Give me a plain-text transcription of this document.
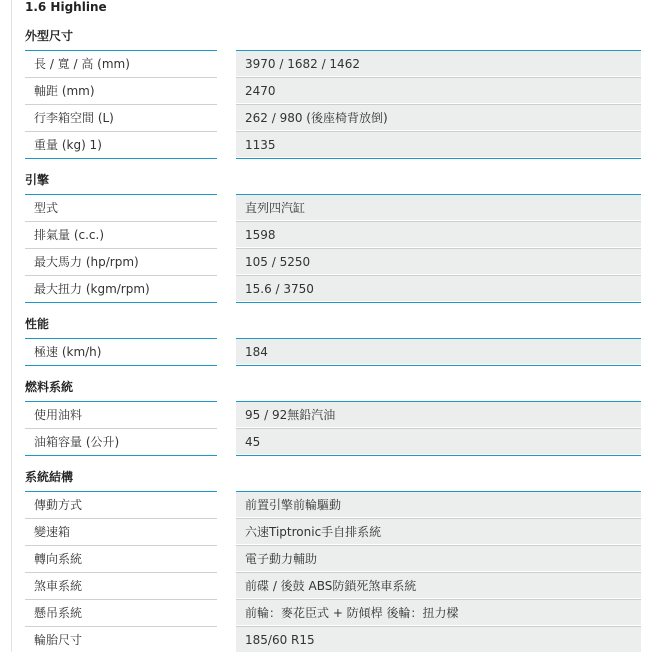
1.6 Highline
外型尺寸
長 / 寬 / 高 (mm)	3970 / 1682 / 1462
軸距 (mm)	2470
行李箱空間 (L)	262 / 980 (後座椅背放倒)
重量 (kg) 1)	1135
引擎
型式	直列四汽缸
排氣量 (c.c.)	1598
最大馬力 (hp/rpm)	105 / 5250
最大扭力 (kgm/rpm)	15.6 / 3750
性能
極速 (km/h)	184
燃料系統
使用油料	95 / 92無鉛汽油
油箱容量 (公升)	45
系統結構
傳動方式	前置引擎前輪驅動
變速箱	六速Tiptronic手自排系統
轉向系統	電子動力輔助
煞車系統	前碟 / 後鼓 ABS防鎖死煞車系統
懸吊系統	前輪：麥花臣式 + 防傾桿 後輪：扭力樑
輪胎尺寸	185/60 R15
